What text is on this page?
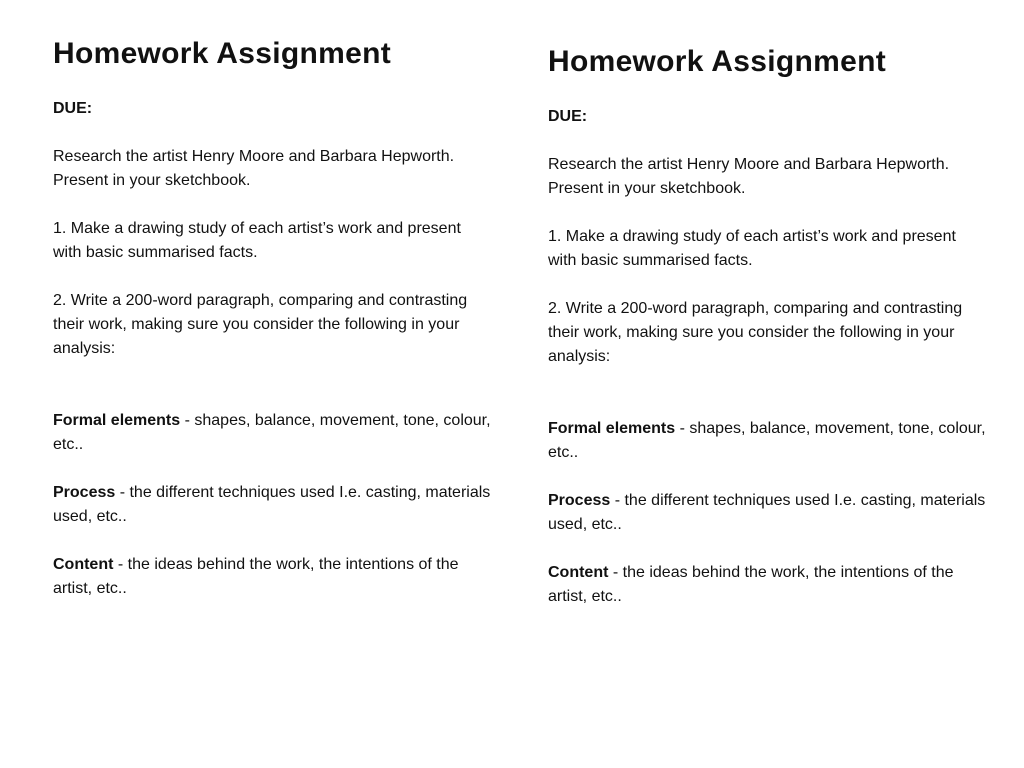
Homework Assignment
DUE:
Research the artist Henry Moore and Barbara Hepworth. Present in your sketchbook.
1. Make a drawing study of each artist’s work and present with basic summarised facts.
2. Write a 200-word paragraph, comparing and contrasting their work, making sure you consider the following in your analysis:
Formal elements - shapes, balance, movement, tone, colour, etc..
Process - the different techniques used I.e. casting, materials used, etc..
Content - the ideas behind the work, the intentions of the artist, etc..
Homework Assignment
DUE:
Research the artist Henry Moore and Barbara Hepworth. Present in your sketchbook.
1. Make a drawing study of each artist’s work and present with basic summarised facts.
2. Write a 200-word paragraph, comparing and contrasting their work, making sure you consider the following in your analysis:
Formal elements - shapes, balance, movement, tone, colour, etc..
Process - the different techniques used I.e. casting, materials used, etc..
Content - the ideas behind the work, the intentions of the artist, etc..
